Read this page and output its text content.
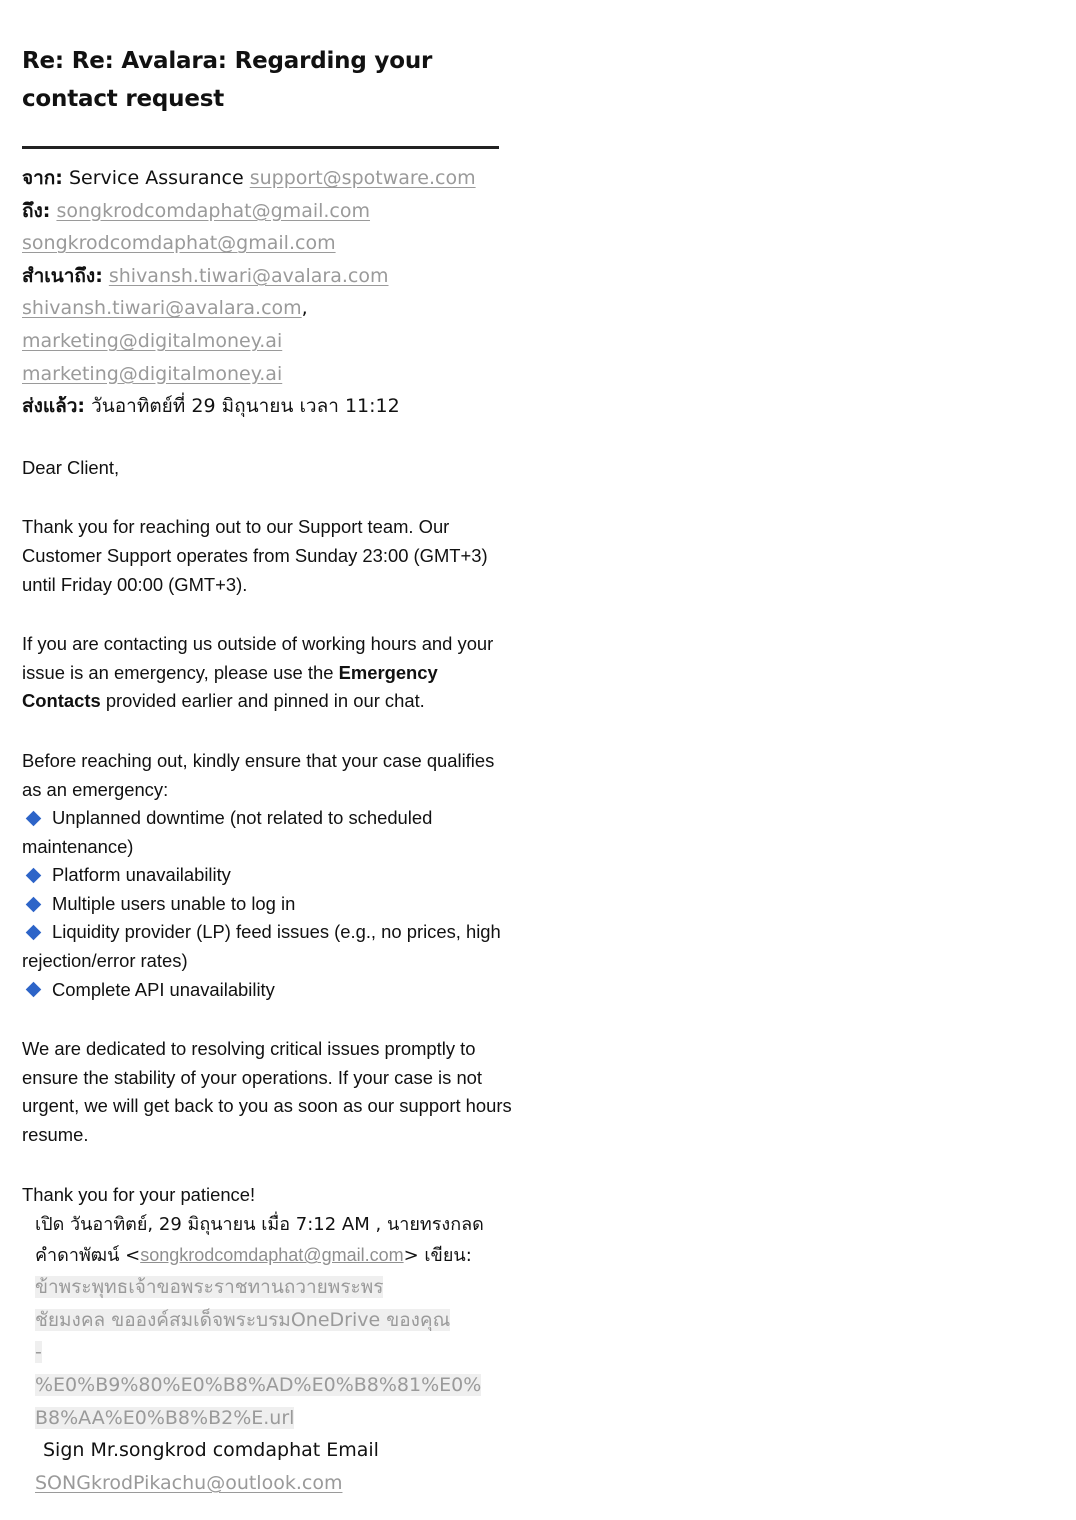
Re: Re: Avalara: Regarding your contact request
จาก: Service Assurance support@spotware.com
ถึง: songkrodcomdaphat@gmail.com
songkrodcomdaphat@gmail.com
สำเนาถึง: shivansh.tiwari@avalara.com
shivansh.tiwari@avalara.com,
marketing@digitalmoney.ai
marketing@digitalmoney.ai
ส่งแล้ว: วันอาทิตย์ที่ 29 มิถุนายน เวลา 11:12

Dear Client,

Thank you for reaching out to our Support team. Our Customer Support operates from Sunday 23:00 (GMT+3) until Friday 00:00 (GMT+3).

If you are contacting us outside of working hours and your issue is an emergency, please use the Emergency Contacts provided earlier and pinned in our chat.

Before reaching out, kindly ensure that your case qualifies as an emergency:

Unplanned downtime (not related to scheduled maintenance)
Platform unavailability
Multiple users unable to log in
Liquidity provider (LP) feed issues (e.g., no prices, high rejection/error rates)
Complete API unavailability

We are dedicated to resolving critical issues promptly to ensure the stability of your operations. If your case is not urgent, we will get back to you as soon as our support hours resume.

Thank you for your patience!

เปิด วันอาทิตย์, 29 มิถุนายน เมื่อ 7:12 AM , นายทรงกลด
คำดาพัฒน์ <songkrodcomdaphat@gmail.com> เขียน:
ข้าพระพุทธเจ้าขอพระราชทานถวายพระพร
ชัยมงคล ขอองค์สมเด็จพระบรมOneDrive ของคุณ
-
%E0%B9%80%E0%B8%AD%E0%B8%81%E0%
B8%AA%E0%B8%B2%E.url
Sign Mr.songkrod comdaphat Email
SONGkrodPikachu@outlook.com
